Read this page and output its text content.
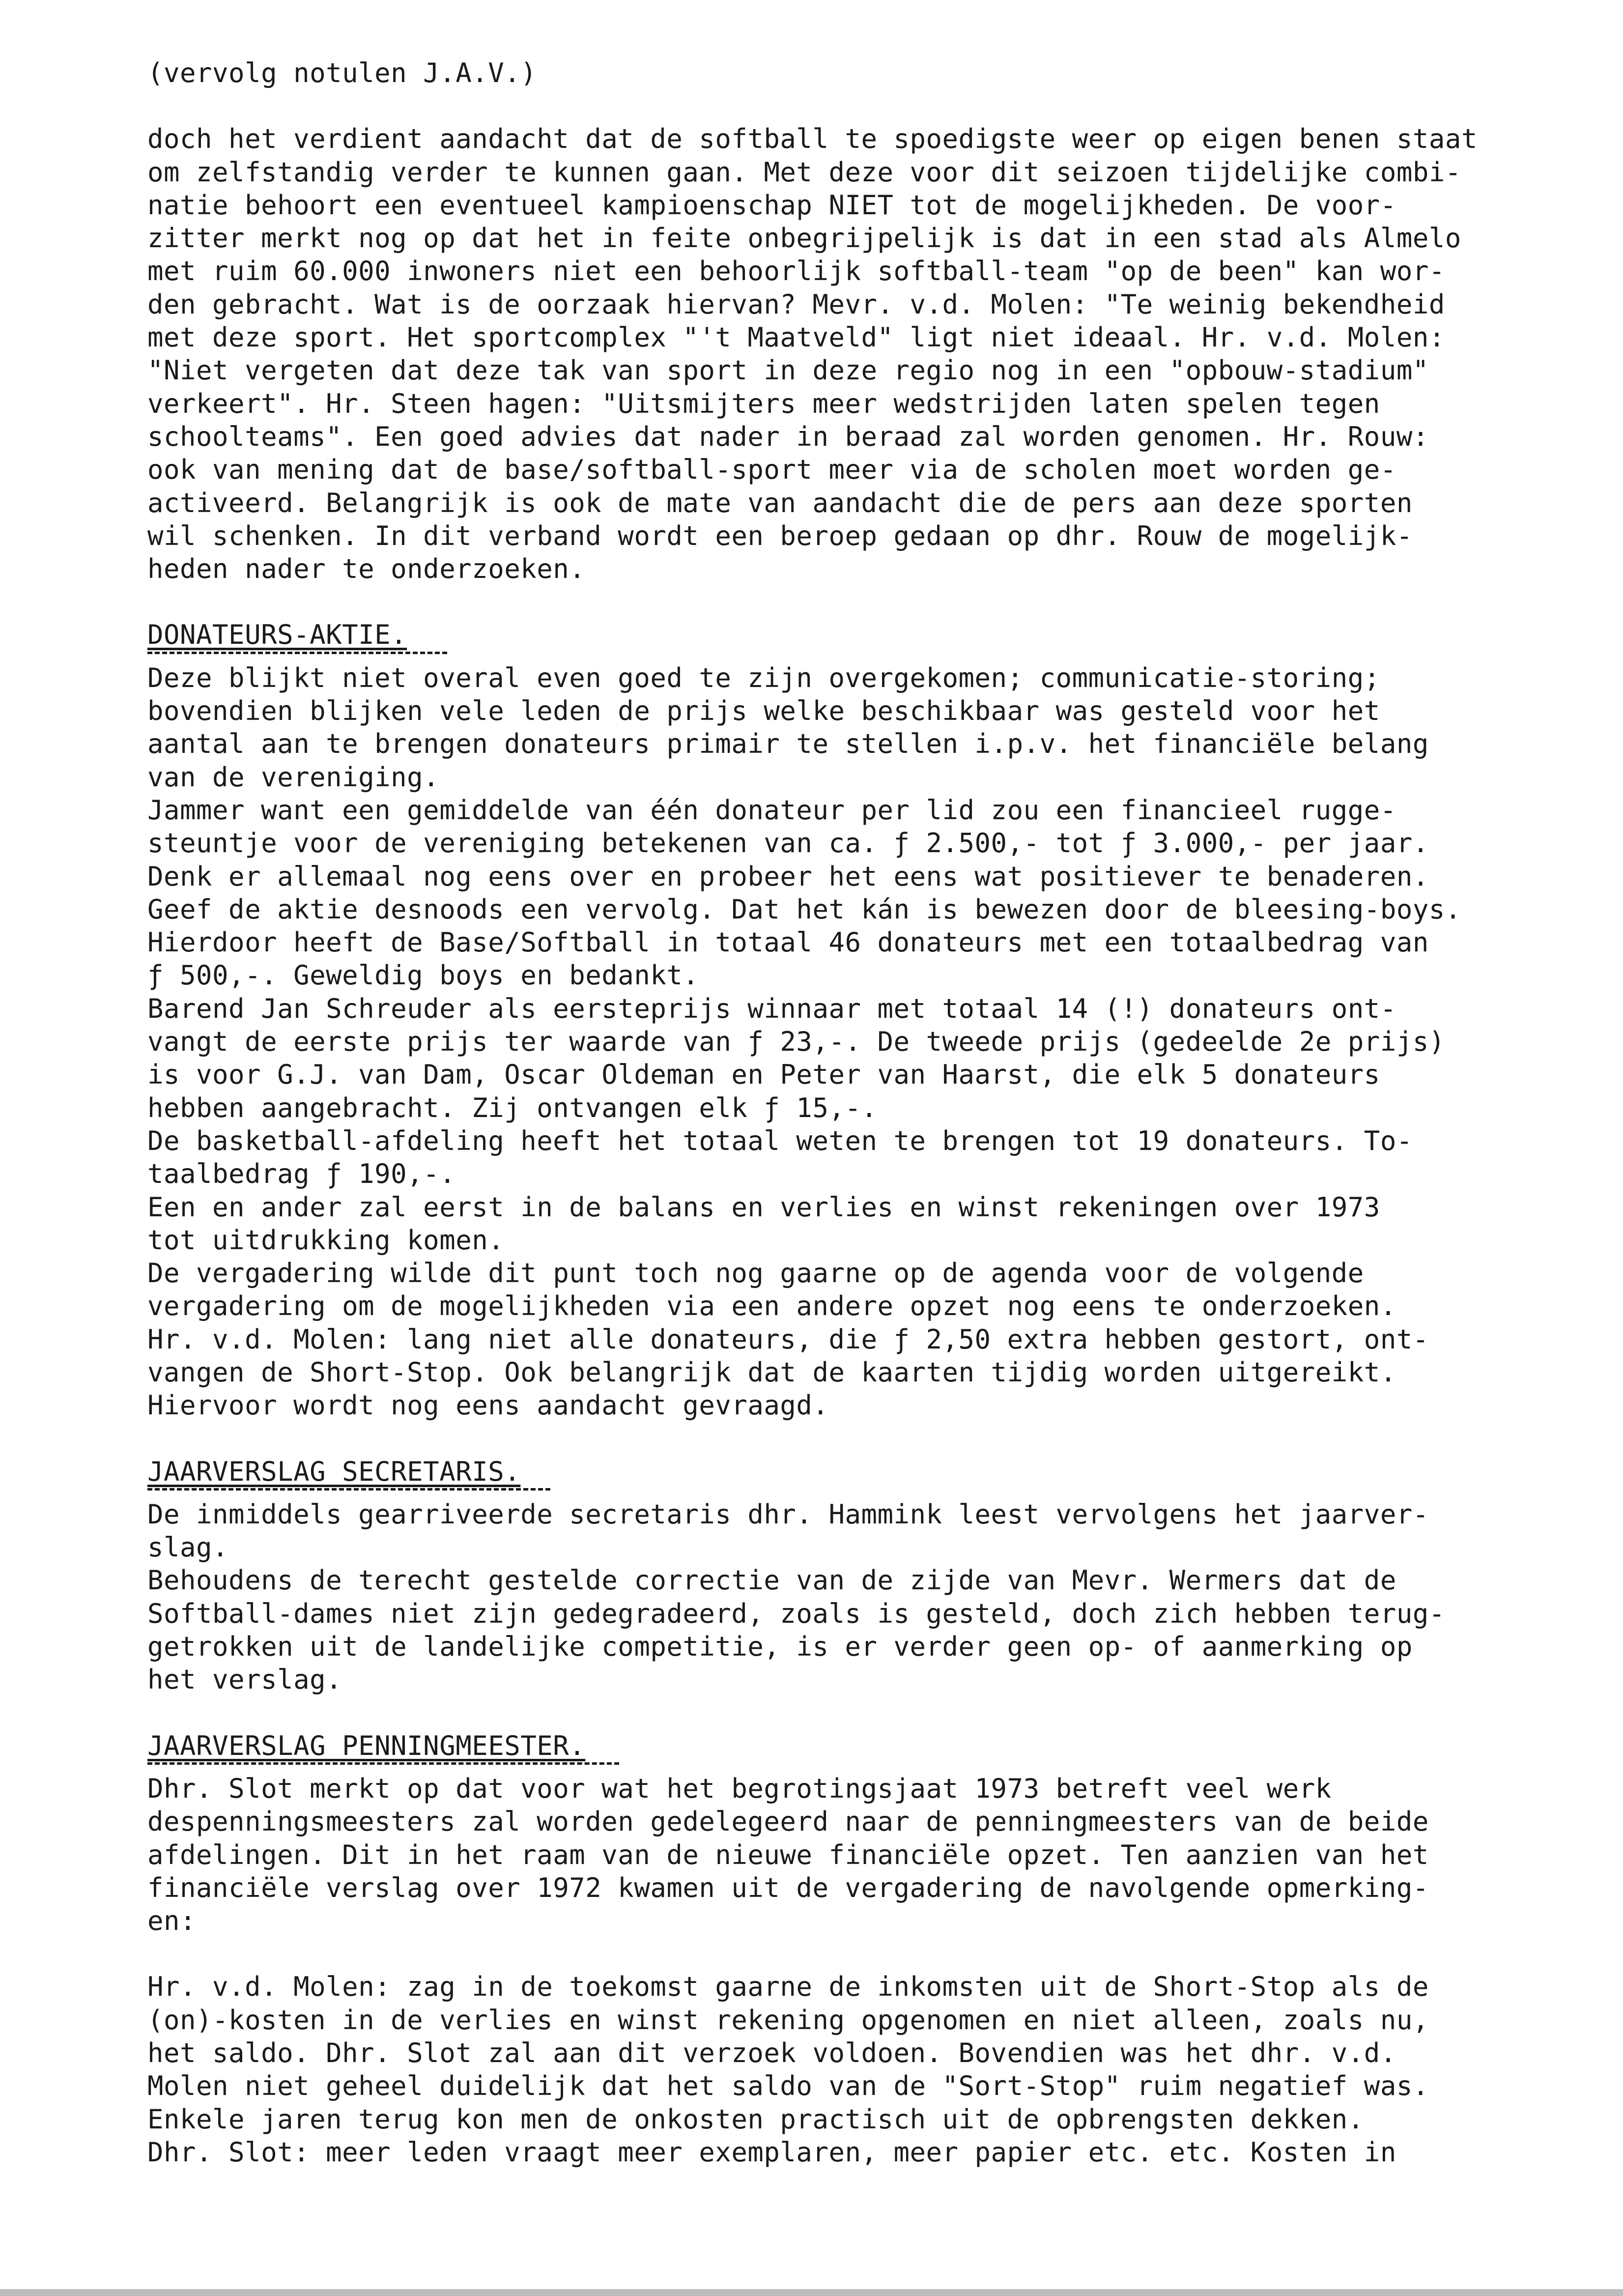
(vervolg notulen J.A.V.)
doch het verdient aandacht dat de softball te spoedigste weer op eigen benen staat
om zelfstandig verder te kunnen gaan. Met deze voor dit seizoen tijdelijke combi-
natie behoort een eventueel kampioenschap NIET tot de mogelijkheden. De voor-
zitter merkt nog op dat het in feite onbegrijpelijk is dat in een stad als Almelo
met ruim 60.000 inwoners niet een behoorlijk softball-team "op de been" kan wor-
den gebracht. Wat is de oorzaak hiervan? Mevr. v.d. Molen: "Te weinig bekendheid
met deze sport. Het sportcomplex "'t Maatveld" ligt niet ideaal. Hr. v.d. Molen:
"Niet vergeten dat deze tak van sport in deze regio nog in een "opbouw-stadium"
verkeert". Hr. Steen hagen: "Uitsmijters meer wedstrijden laten spelen tegen
schoolteams". Een goed advies dat nader in beraad zal worden genomen. Hr. Rouw:
ook van mening dat de base/softball-sport meer via de scholen moet worden ge-
activeerd. Belangrijk is ook de mate van aandacht die de pers aan deze sporten
wil schenken. In dit verband wordt een beroep gedaan op dhr. Rouw de mogelijk-
heden nader te onderzoeken.
DONATEURS-AKTIE.
Deze blijkt niet overal even goed te zijn overgekomen; communicatie-storing;
bovendien blijken vele leden de prijs welke beschikbaar was gesteld voor het
aantal aan te brengen donateurs primair te stellen i.p.v. het financiële belang
van de vereniging.
Jammer want een gemiddelde van één donateur per lid zou een financieel rugge-
steuntje voor de vereniging betekenen van ca. ƒ 2.500,- tot ƒ 3.000,- per jaar.
Denk er allemaal nog eens over en probeer het eens wat positiever te benaderen.
Geef de aktie desnoods een vervolg. Dat het kán is bewezen door de bleesing-boys.
Hierdoor heeft de Base/Softball in totaal 46 donateurs met een totaalbedrag van
ƒ 500,-. Geweldig boys en bedankt.
Barend Jan Schreuder als eersteprijs winnaar met totaal 14 (!) donateurs ont-
vangt de eerste prijs ter waarde van ƒ 23,-. De tweede prijs (gedeelde 2e prijs)
is voor G.J. van Dam, Oscar Oldeman en Peter van Haarst, die elk 5 donateurs
hebben aangebracht. Zij ontvangen elk ƒ 15,-.
De basketball-afdeling heeft het totaal weten te brengen tot 19 donateurs. To-
taalbedrag ƒ 190,-.
Een en ander zal eerst in de balans en verlies en winst rekeningen over 1973
tot uitdrukking komen.
De vergadering wilde dit punt toch nog gaarne op de agenda voor de volgende
vergadering om de mogelijkheden via een andere opzet nog eens te onderzoeken.
Hr. v.d. Molen: lang niet alle donateurs, die ƒ 2,50 extra hebben gestort, ont-
vangen de Short-Stop. Ook belangrijk dat de kaarten tijdig worden uitgereikt.
Hiervoor wordt nog eens aandacht gevraagd.
JAARVERSLAG SECRETARIS.
De inmiddels gearriveerde secretaris dhr. Hammink leest vervolgens het jaarver-
slag.
Behoudens de terecht gestelde correctie van de zijde van Mevr. Wermers dat de
Softball-dames niet zijn gedegradeerd, zoals is gesteld, doch zich hebben terug-
getrokken uit de landelijke competitie, is er verder geen op- of aanmerking op
het verslag.
JAARVERSLAG PENNINGMEESTER.
Dhr. Slot merkt op dat voor wat het begrotingsjaat 1973 betreft veel werk
despenningsmeesters zal worden gedelegeerd naar de penningmeesters van de beide
afdelingen. Dit in het raam van de nieuwe financiële opzet. Ten aanzien van het
financiële verslag over 1972 kwamen uit de vergadering de navolgende opmerking-
en:
Hr. v.d. Molen: zag in de toekomst gaarne de inkomsten uit de Short-Stop als de
(on)-kosten in de verlies en winst rekening opgenomen en niet alleen, zoals nu,
het saldo. Dhr. Slot zal aan dit verzoek voldoen. Bovendien was het dhr. v.d.
Molen niet geheel duidelijk dat het saldo van de "Sort-Stop" ruim negatief was.
Enkele jaren terug kon men de onkosten practisch uit de opbrengsten dekken.
Dhr. Slot: meer leden vraagt meer exemplaren, meer papier etc. etc. Kosten in
